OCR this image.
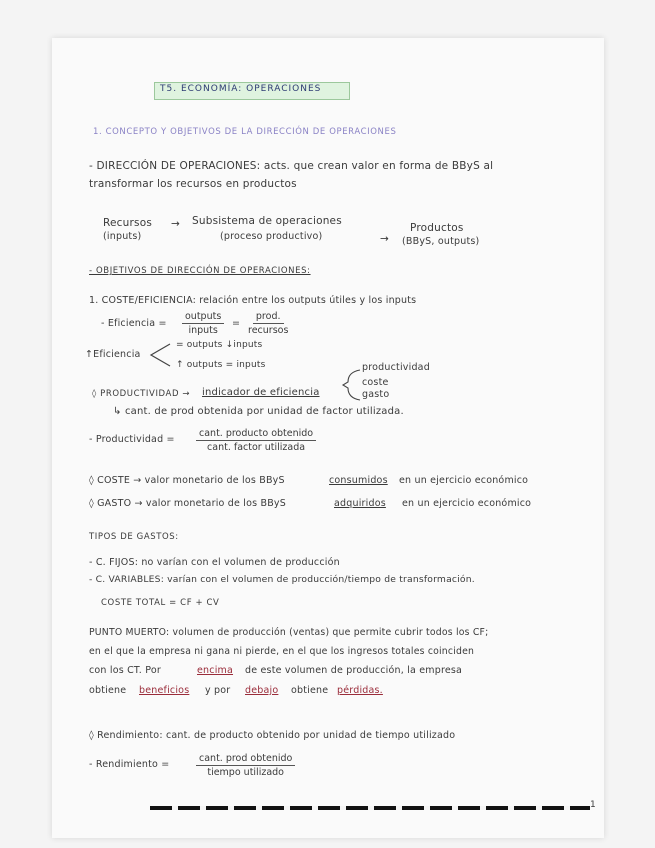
T5. ECONOMÍA: OPERACIONES
1. CONCEPTO Y OBJETIVOS DE LA DIRECCIÓN DE OPERACIONES
- DIRECCIÓN DE OPERACIONES: acts. que crean valor en forma de BByS al
transformar los recursos en productos
Recursos
(inputs)
→ Subsistema de operaciones
(proceso productivo)	→
Productos
(BByS, outputs)
- OBJETIVOS DE DIRECCIÓN DE OPERACIONES:
1. COSTE/EFICIENCIA: relación entre los outputs útiles y los inputs
- Eficiencia =
outputs
inputs
=
prod.
recursos
↑Eficiencia
= outputs ↓inputs
↑ outputs = inputs
◊ PRODUCTIVIDAD → indicador de eficiencia
productividad
coste
gasto
↳ cant. de prod obtenida por unidad de factor utilizada.
- Productividad =
cant. producto obtenido
cant. factor utilizada
◊ COSTE → valor monetario de los BByS	consumidos en un ejercicio económico
◊ GASTO → valor monetario de los BByS	adquiridos en un ejercicio económico
TIPOS DE GASTOS:
- C. FIJOS: no varían con el volumen de producción
- C. VARIABLES: varían con el volumen de producción/tiempo de transformación.
COSTE TOTAL = CF + CV
PUNTO MUERTO: volumen de producción (ventas) que permite cubrir todos los CF;
en el que la empresa ni gana ni pierde, en el que los ingresos totales coinciden
con los CT. Por	encima de este volumen de producción, la empresa
obtiene beneficios y por debajo obtiene pérdidas.
◊ Rendimiento: cant. de producto obtenido por unidad de tiempo utilizado
- Rendimiento =
cant. prod obtenido
tiempo utilizado
1
